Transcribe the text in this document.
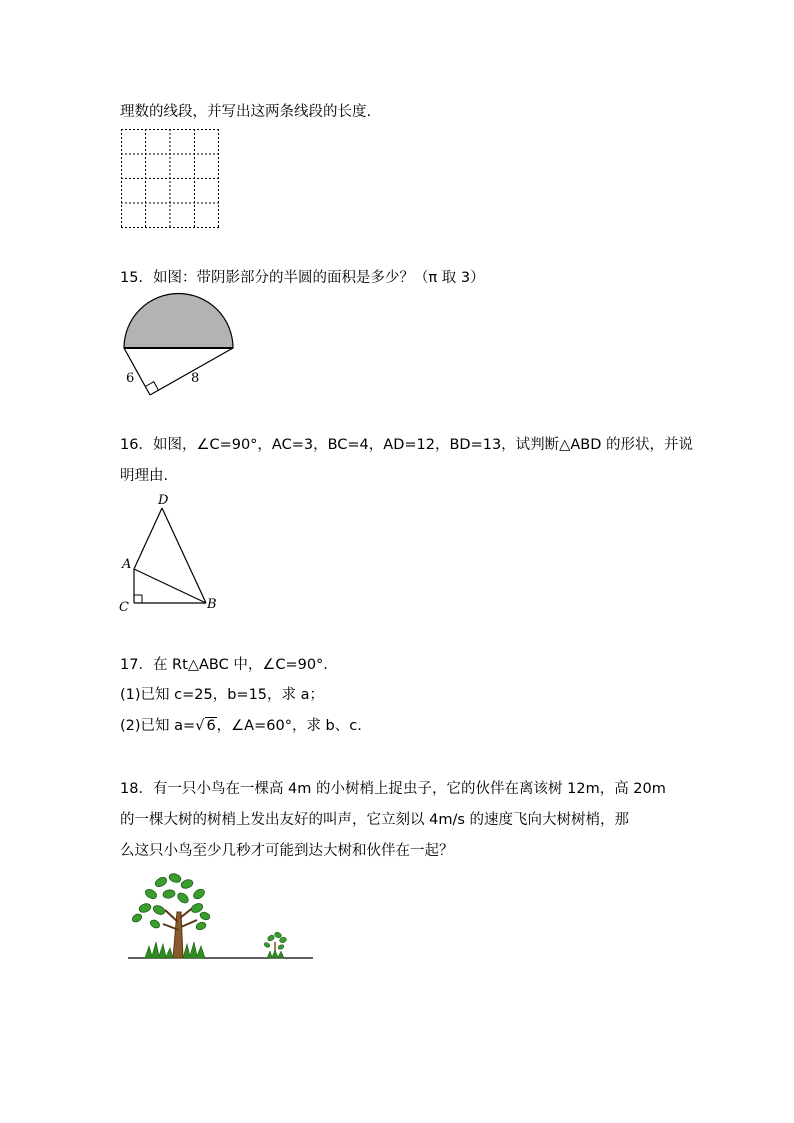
理数的线段，并写出这两条线段的长度.
15．如图：带阴影部分的半圆的面积是多少？（π 取 3）
6	8
16．如图，∠C=90°，AC=3，BC=4，AD=12，BD=13，试判断△ABD 的形状，并说
明理由.
D
A
C	B
17．在 Rt△ABC 中，∠C=90°.
(1)已知 c=25，b=15，求 a；
(2)已知 a=√ 6，∠A=60°，求 b、c.
18．有一只小鸟在一棵高 4m 的小树梢上捉虫子，它的伙伴在离该树 12m，高 20m
的一棵大树的树梢上发出友好的叫声，它立刻以 4m/s 的速度飞向大树树梢，那
么这只小鸟至少几秒才可能到达大树和伙伴在一起？
